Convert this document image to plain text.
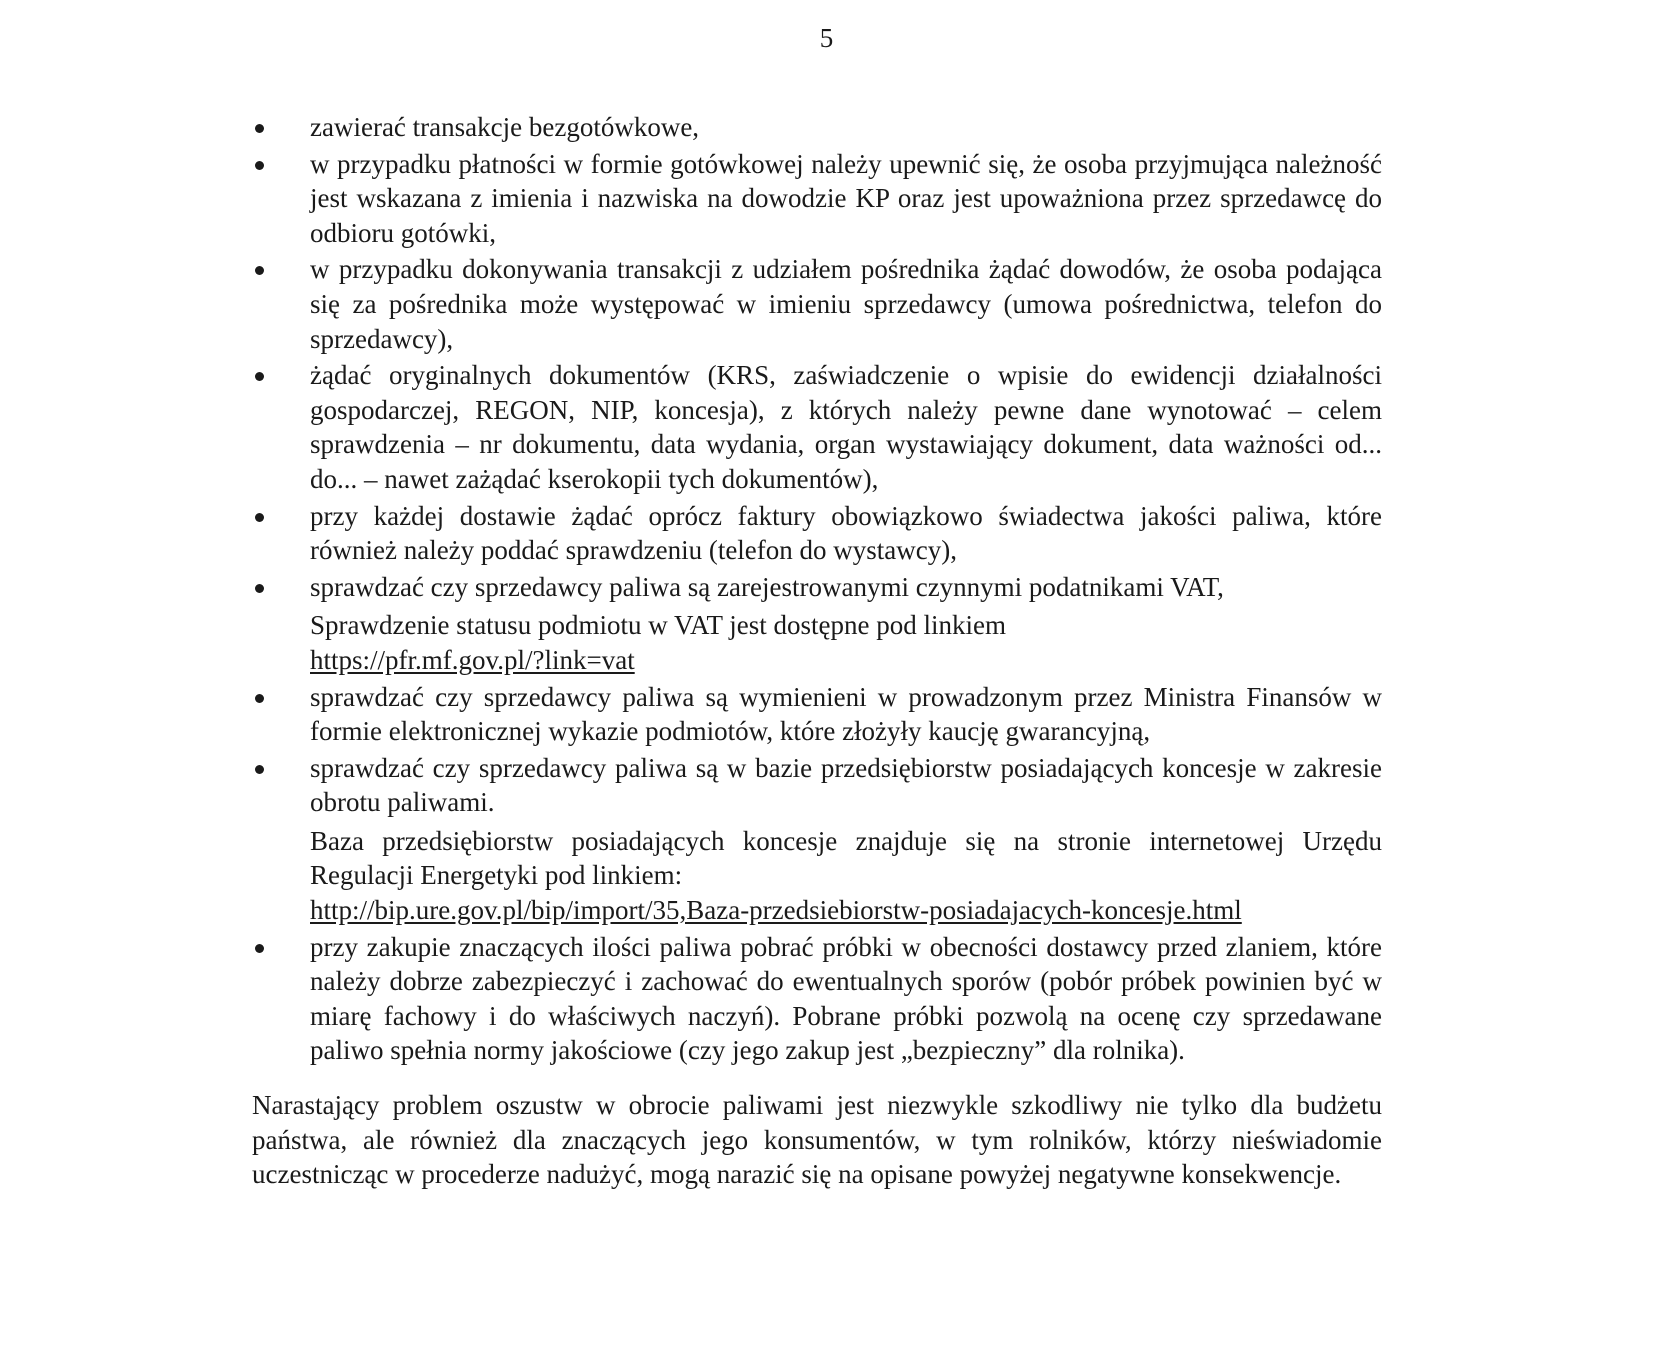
5

zawierać transakcje bezgotówkowe,

w przypadku płatności w formie gotówkowej należy upewnić się, że osoba przyjmująca należność jest wskazana z imienia i nazwiska na dowodzie KP oraz jest upoważniona przez sprzedawcę do odbioru gotówki,

w przypadku dokonywania transakcji z udziałem pośrednika żądać dowodów, że osoba podająca się za pośrednika może występować w imieniu sprzedawcy (umowa pośrednictwa, telefon do sprzedawcy),

żądać oryginalnych dokumentów (KRS, zaświadczenie o wpisie do ewidencji działalności gospodarczej, REGON, NIP, koncesja), z których należy pewne dane wynotować – celem sprawdzenia – nr dokumentu, data wydania, organ wystawiający dokument, data ważności od... do... – nawet zażądać kserokopii tych dokumentów),

przy każdej dostawie żądać oprócz faktury obowiązkowo świadectwa jakości paliwa, które również należy poddać sprawdzeniu (telefon do wystawcy),

sprawdzać czy sprzedawcy paliwa są zarejestrowanymi czynnymi podatnikami VAT,

Sprawdzenie statusu podmiotu w VAT jest dostępne pod linkiem

https://pfr.mf.gov.pl/?link=vat

sprawdzać czy sprzedawcy paliwa są wymienieni w prowadzonym przez Ministra Finansów w formie elektronicznej wykazie podmiotów, które złożyły kaucję gwarancyjną,

sprawdzać czy sprzedawcy paliwa są w bazie przedsiębiorstw posiadających koncesje w zakresie obrotu paliwami.

Baza przedsiębiorstw posiadających koncesje znajduje się na stronie internetowej Urzędu Regulacji Energetyki pod linkiem:

http://bip.ure.gov.pl/bip/import/35,Baza-przedsiebiorstw-posiadajacych-koncesje.html

przy zakupie znaczących ilości paliwa pobrać próbki w obecności dostawcy przed zlaniem, które należy dobrze zabezpieczyć i zachować do ewentualnych sporów (pobór próbek powinien być w miarę fachowy i do właściwych naczyń). Pobrane próbki pozwolą na ocenę czy sprzedawane paliwo spełnia normy jakościowe (czy jego zakup jest „bezpieczny” dla rolnika).

Narastający problem oszustw w obrocie paliwami jest niezwykle szkodliwy nie tylko dla budżetu państwa, ale również dla znaczących jego konsumentów, w tym rolników, którzy nieświadomie uczestnicząc w procederze nadużyć, mogą narazić się na opisane powyżej negatywne konsekwencje.
